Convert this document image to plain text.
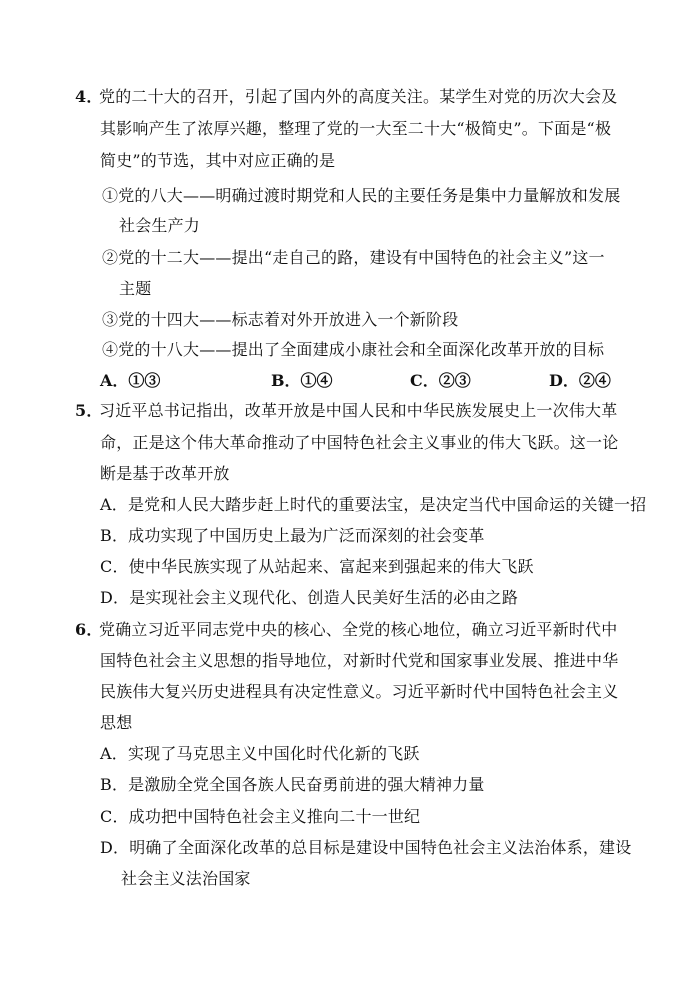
4．党的二十大的召开，引起了国内外的高度关注。某学生对党的历次大会及
其影响产生了浓厚兴趣，整理了党的一大至二十大“极简史”。下面是“极
简史”的节选，其中对应正确的是
①党的八大——明确过渡时期党和人民的主要任务是集中力量解放和发展
社会生产力
②党的十二大——提出“走自己的路，建设有中国特色的社会主义”这一
主题
③党的十四大——标志着对外开放进入一个新阶段
④党的十八大——提出了全面建成小康社会和全面深化改革开放的目标
A．①③	B．①④	C．②③	D．②④
5．习近平总书记指出，改革开放是中国人民和中华民族发展史上一次伟大革
命，正是这个伟大革命推动了中国特色社会主义事业的伟大飞跃。这一论
断是基于改革开放
A．是党和人民大踏步赶上时代的重要法宝，是决定当代中国命运的关键一招
B．成功实现了中国历史上最为广泛而深刻的社会变革
C．使中华民族实现了从站起来、富起来到强起来的伟大飞跃
D．是实现社会主义现代化、创造人民美好生活的必由之路
6．党确立习近平同志党中央的核心、全党的核心地位，确立习近平新时代中
国特色社会主义思想的指导地位，对新时代党和国家事业发展、推进中华
民族伟大复兴历史进程具有决定性意义。习近平新时代中国特色社会主义
思想
A．实现了马克思主义中国化时代化新的飞跃
B．是激励全党全国各族人民奋勇前进的强大精神力量
C．成功把中国特色社会主义推向二十一世纪
D．明确了全面深化改革的总目标是建设中国特色社会主义法治体系，建设
社会主义法治国家
